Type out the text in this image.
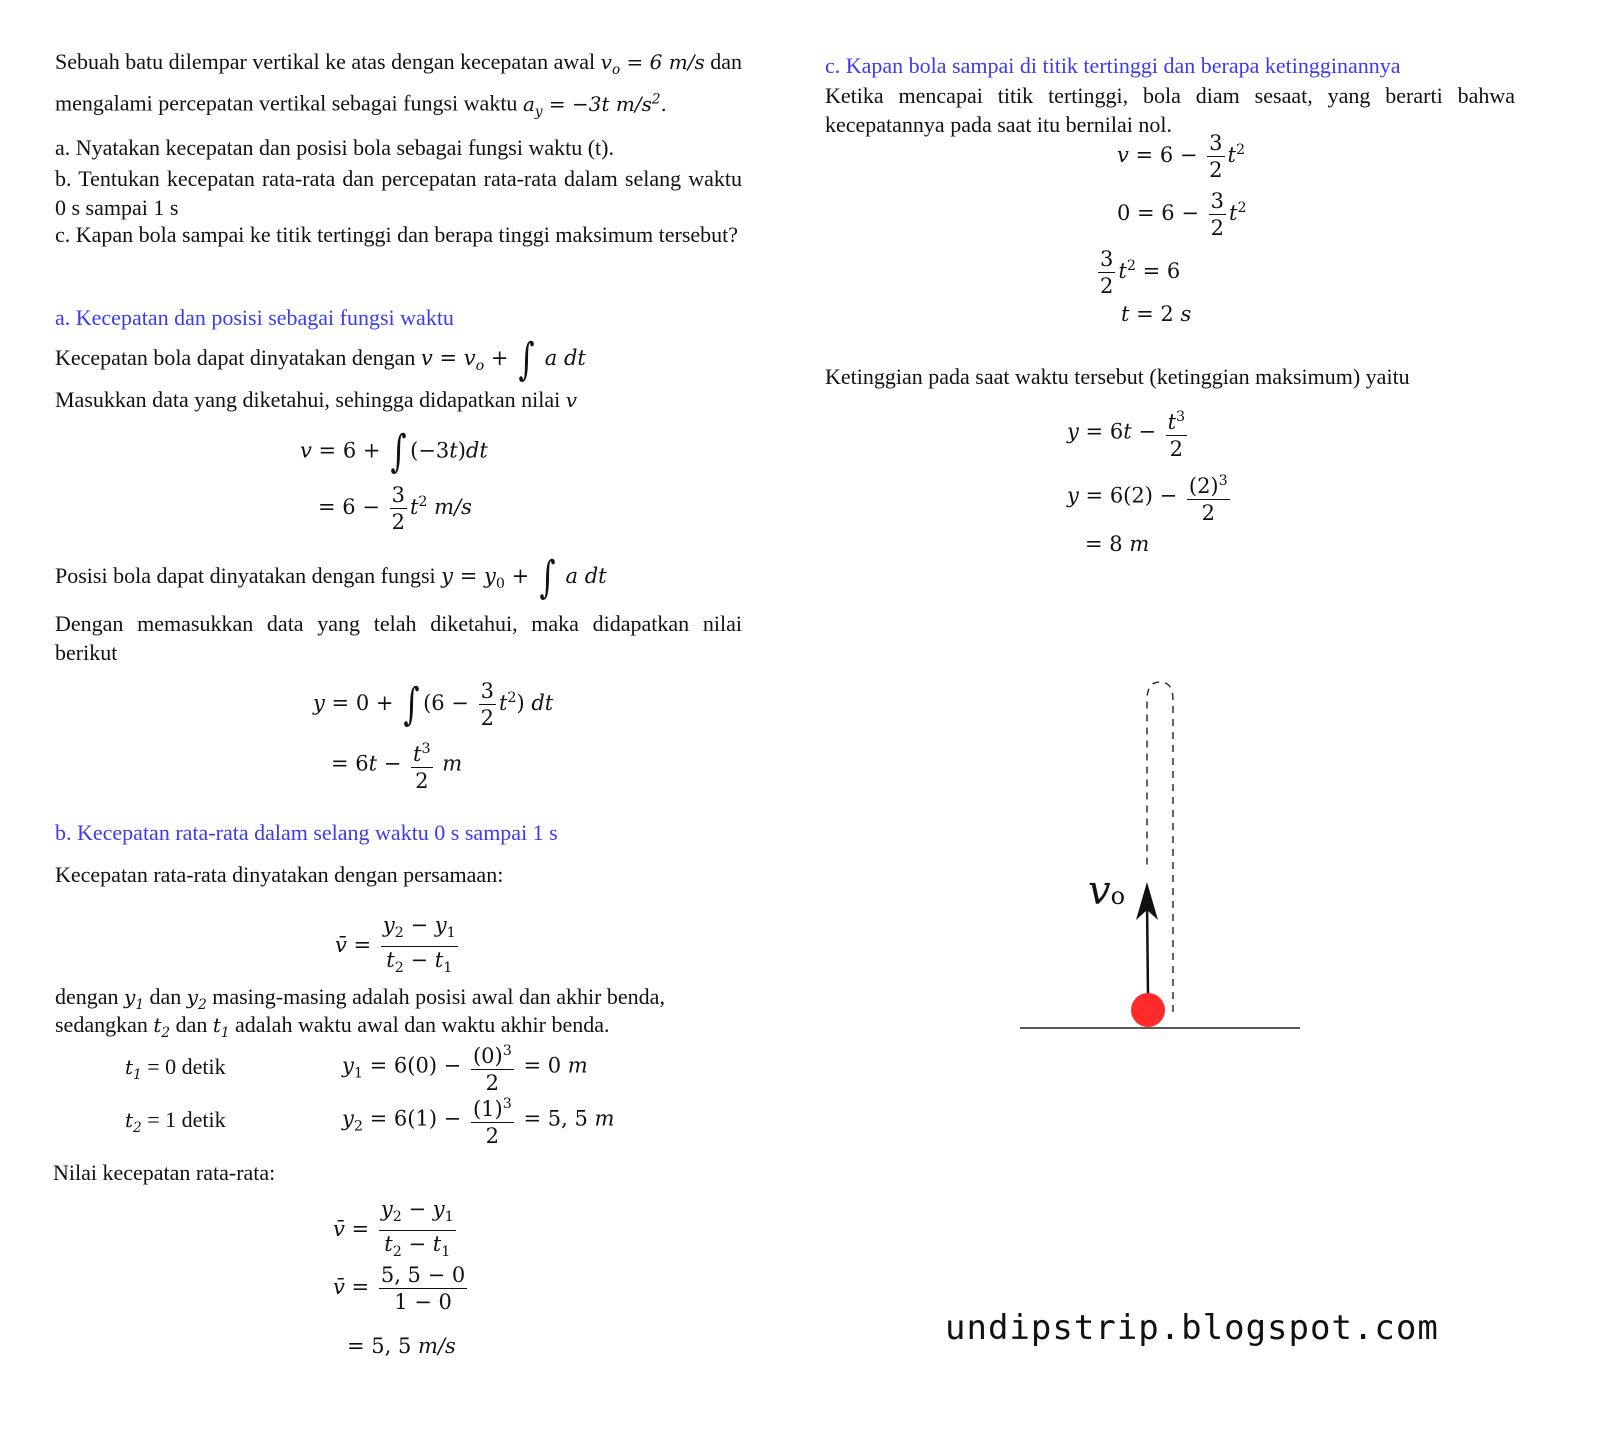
Sebuah batu dilempar vertikal ke atas dengan kecepatan awal $v_o = 6$ m/s dan mengalami percepatan vertikal sebagai fungsi waktu $a_y = -3t$ $m/s^2$.
a. Nyatakan kecepatan dan posisi bola sebagai fungsi waktu (t).
b. Tentukan kecepatan rata-rata dan percepatan rata-rata dalam selang waktu 0 s sampai 1 s
c. Kapan bola sampai ke titik tertinggi dan berapa tinggi maksimum tersebut?
a. Kecepatan dan posisi sebagai fungsi waktu
Kecepatan bola dapat dinyatakan dengan $v = v_o$ + ∫ a dt
Masukkan data yang diketahui, sehingga didapatkan nilai v
v = 6 + ∫ (−3t)dt
= $6 - \frac{3}{2} t^2$ m/s
Posisi bola dapat dinyatakan dengan fungsi $y = y_0$ + ∫ a dt
Dengan memasukkan data yang telah diketahui, maka didapatkan nilai berikut
y = 0 + ∫ $(6 - \frac{3}{2} t^2)$ dt
= $6t - \frac{t^3}{2}$ m
b. Kecepatan rata-rata dalam selang waktu 0 s sampai 1 s
Kecepatan rata-rata dinyatakan dengan persamaan:
v̄ = $\frac{y_2 - y_1}{t_2 - t_1}$
dengan $y_1$ dan $y_2$ masing-masing adalah posisi awal dan akhir benda,
sedangkan $t_2$ dan $t_1$ adalah waktu awal dan waktu akhir benda.
$t_1 = 0$ detik	$y_1 = 6(0) - \frac{(0)^3}{2} = 0$ m
$t_2 = 1$ detik	$y_2 = 6(1) - \frac{(1)^3}{2} = 5$, 5 m
Nilai kecepatan rata-rata:
v̄ = $\frac{y_2 - y_1}{t_2 - t_1}$
v̄ = $\frac{5, 5 - 0}{1 - 0}$
= 5, 5 m/s
c. Kapan bola sampai di titik tertinggi dan berapa ketingginannya
Ketika mencapai titik tertinggi, bola diam sesaat, yang berarti bahwa kecepatannya pada saat itu bernilai nol.
$v = 6 - \frac{3}{2} t^2$
$0 = 6 - \frac{3}{2} t^2$
$\frac{3}{2} t^2 = 6$
t = 2 s
Ketinggian pada saat waktu tersebut (ketinggian maksimum) yaitu
$y = 6t - \frac{t^3}{2}$
$y = 6(2) - \frac{(2)^3}{2}$
= 8 m
vo
undipstrip.blogspot.com
